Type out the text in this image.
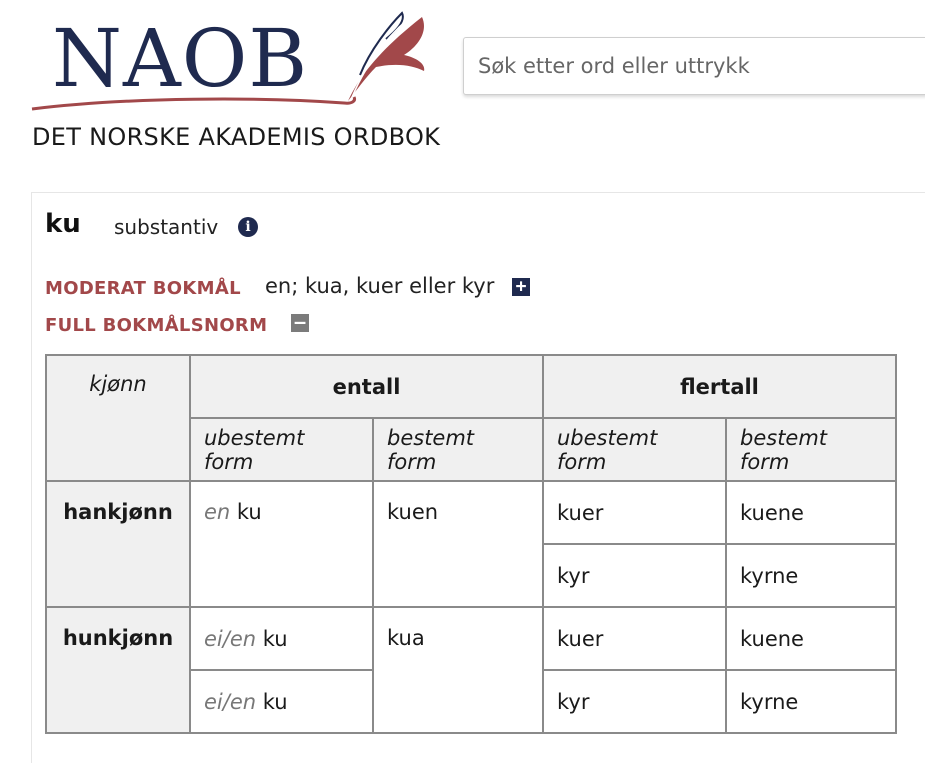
NAOB
DET NORSKE AKADEMIS ORDBOK
Søk etter ord eller uttrykk
ku substantiv	i
MODERAT BOKMÅL en; kua, kuer eller kyr +
FULL BOKMÅLSNORM –
kjønn	entall		flertall	
	ubestemt form	bestemt form	ubestemt form	bestemt form
hankjønn	en ku	kuen	kuer	kuene
			kyr	kyrne
hunkjønn	ei/en ku	kua	kuer	kuene
	ei/en ku		kyr	kyrne
